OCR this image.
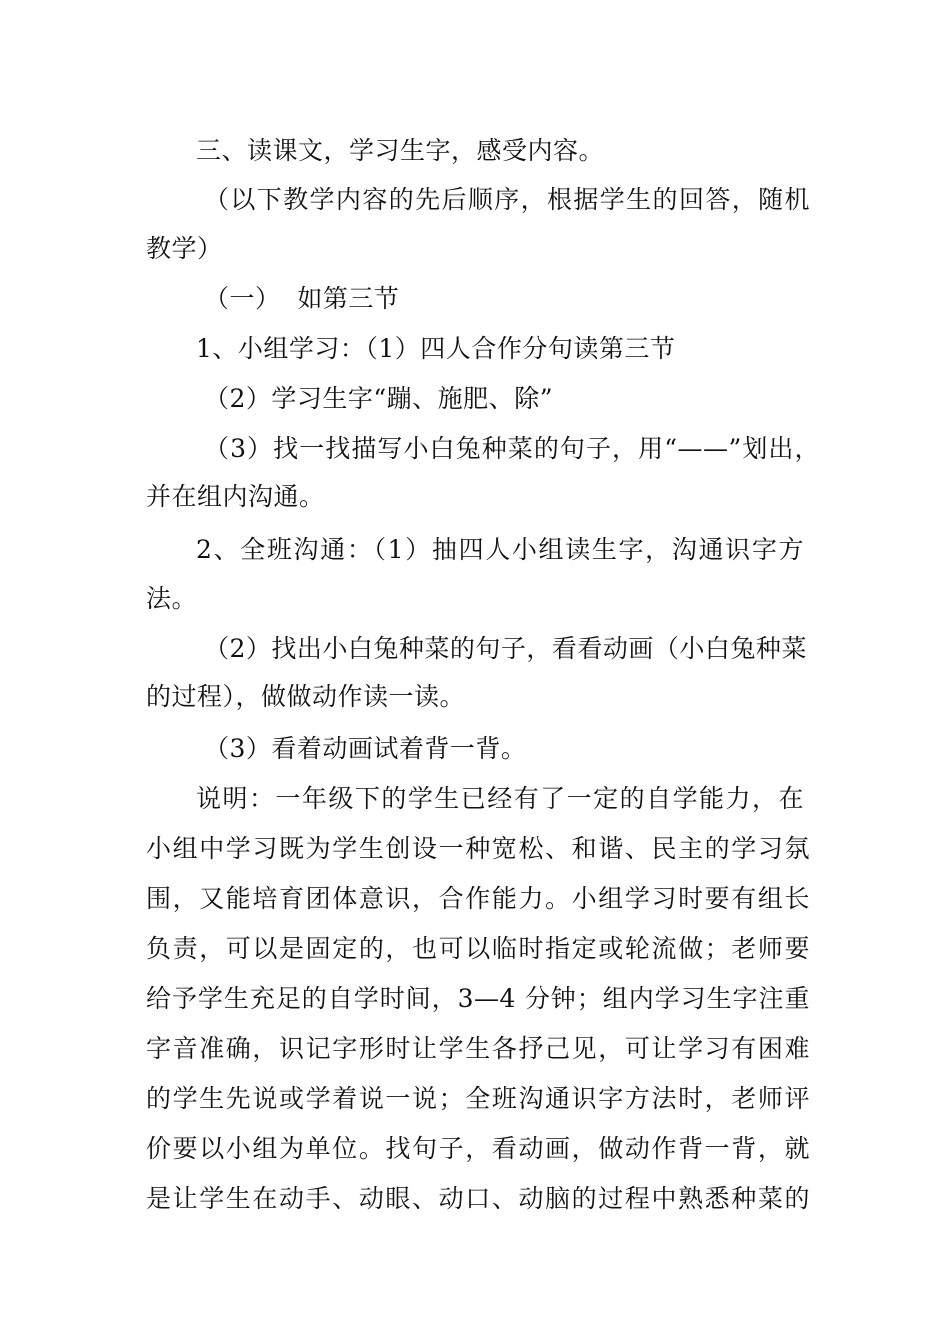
三、读课文，学习生字，感受内容。
（以下教学内容的先后顺序，根据学生的回答，随机
教学）
（一）  如第三节
1、小组学习：（1）四人合作分句读第三节
（2）学习生字“蹦、施肥、除”
（3）找一找描写小白兔种菜的句子，用“——”划出，
并在组内沟通。
2、全班沟通：（1）抽四人小组读生字，沟通识字方
法。
（2）找出小白兔种菜的句子，看看动画（小白兔种菜
的过程），做做动作读一读。
（3）看着动画试着背一背。
说明：一年级下的学生已经有了一定的自学能力，在
小组中学习既为学生创设一种宽松、和谐、民主的学习氛
围，又能培育团体意识，合作能力。小组学习时要有组长
负责，可以是固定的，也可以临时指定或轮流做；老师要
给予学生充足的自学时间，3—4 分钟；组内学习生字注重
字音准确，识记字形时让学生各抒己见，可让学习有困难
的学生先说或学着说一说；全班沟通识字方法时，老师评
价要以小组为单位。找句子，看动画，做动作背一背，就
是让学生在动手、动眼、动口、动脑的过程中熟悉种菜的
